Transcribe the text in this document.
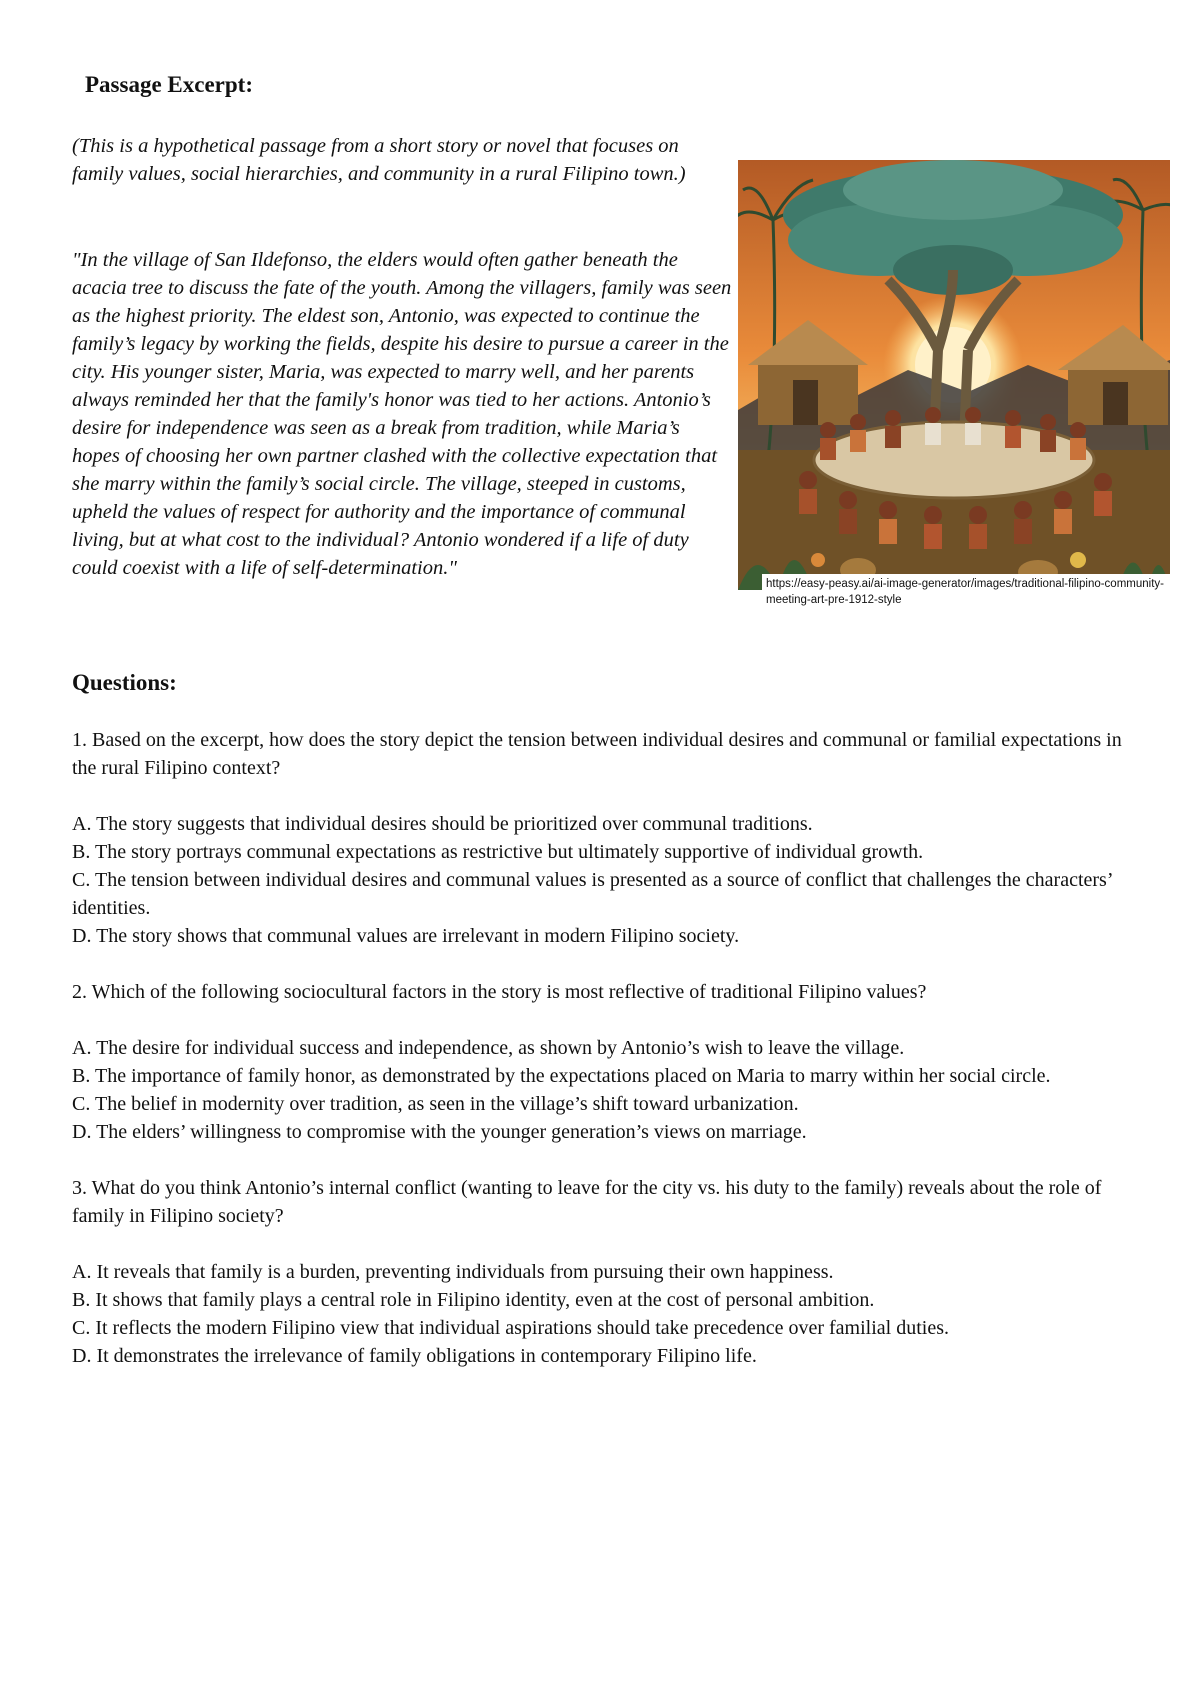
Passage Excerpt:
(This is a hypothetical passage from a short story or novel that focuses on family values, social hierarchies, and community in a rural Filipino town.)
"In the village of San Ildefonso, the elders would often gather beneath the acacia tree to discuss the fate of the youth. Among the villagers, family was seen as the highest priority. The eldest son, Antonio, was expected to continue the family’s legacy by working the fields, despite his desire to pursue a career in the city. His younger sister, Maria, was expected to marry well, and her parents always reminded her that the family's honor was tied to her actions. Antonio’s desire for independence was seen as a break from tradition, while Maria’s hopes of choosing her own partner clashed with the collective expectation that she marry within the family’s social circle. The village, steeped in customs, upheld the values of respect for authority and the importance of communal living, but at what cost to the individual? Antonio wondered if a life of duty could coexist with a life of self-determination."
https://easy-peasy.ai/ai-image-generator/images/traditional-filipino-community-meeting-art-pre-1912-style
Questions:
1. Based on the excerpt, how does the story depict the tension between individual desires and communal or familial expectations in the rural Filipino context?

A. The story suggests that individual desires should be prioritized over communal traditions.

B. The story portrays communal expectations as restrictive but ultimately supportive of individual growth.

C. The tension between individual desires and communal values is presented as a source of conflict that challenges the characters’ identities.

D. The story shows that communal values are irrelevant in modern Filipino society.

2. Which of the following sociocultural factors in the story is most reflective of traditional Filipino values?

A. The desire for individual success and independence, as shown by Antonio’s wish to leave the village.

B. The importance of family honor, as demonstrated by the expectations placed on Maria to marry within her social circle.

C. The belief in modernity over tradition, as seen in the village’s shift toward urbanization.

D. The elders’ willingness to compromise with the younger generation’s views on marriage.

3. What do you think Antonio’s internal conflict (wanting to leave for the city vs. his duty to the family) reveals about the role of family in Filipino society?

A. It reveals that family is a burden, preventing individuals from pursuing their own happiness.

B. It shows that family plays a central role in Filipino identity, even at the cost of personal ambition.

C. It reflects the modern Filipino view that individual aspirations should take precedence over familial duties.

D. It demonstrates the irrelevance of family obligations in contemporary Filipino life.
